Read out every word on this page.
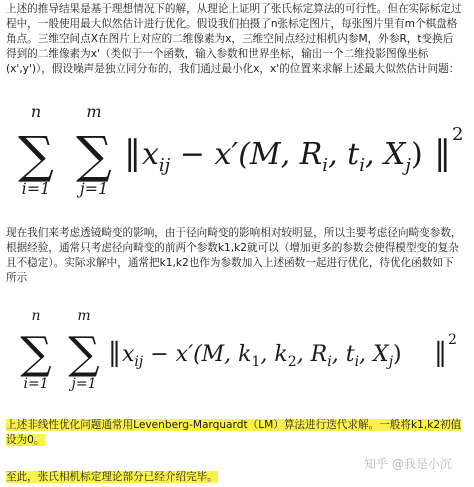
上述的推导结果是基于理想情况下的解，从理论上证明了张氏标定算法的可行性。但在实际标定过
程中，一般使用最大似然估计进行优化。假设我们拍摄了n张标定图片，每张图片里有m个棋盘格
角点。三维空间点X在图片上对应的二维像素为x，三维空间点经过相机内参M，外参R，t变换后
得到的二维像素为x'（类似于一个函数，输入参数和世界坐标，输出一个二维投影图像坐标
(x',y')），假设噪声是独立同分布的，我们通过最小化x，x'的位置来求解上述最大似然估计问题：
n
∑
i=1
m
∑
j=1
‖ $x_{ij} - x'(M$, $R_i$, $t_i$, $X_j$) ‖ 2
现在我们来考虑透镜畸变的影响，由于径向畸变的影响相对较明显，所以主要考虑径向畸变参数，
根据经验，通常只考虑径向畸变的前两个参数k1,k2就可以（增加更多的参数会使得模型变的复杂
且不稳定）。实际求解中，通常把k1,k2也作为参数加入上述函数一起进行优化，待优化函数如下
所示
n
∑
i=1
m
∑
j=1
‖ $x_{ij} - x'(M$, $k_1$, $k_2$, $R_i$, $t_i$, $X_j$) ‖ 2
上述非线性优化问题通常用Levenberg-Marquardt（LM）算法进行迭代求解。一般将k1,k2初值
设为0。
知乎 @我是小沉
至此，张氏相机标定理论部分已经介绍完毕。
